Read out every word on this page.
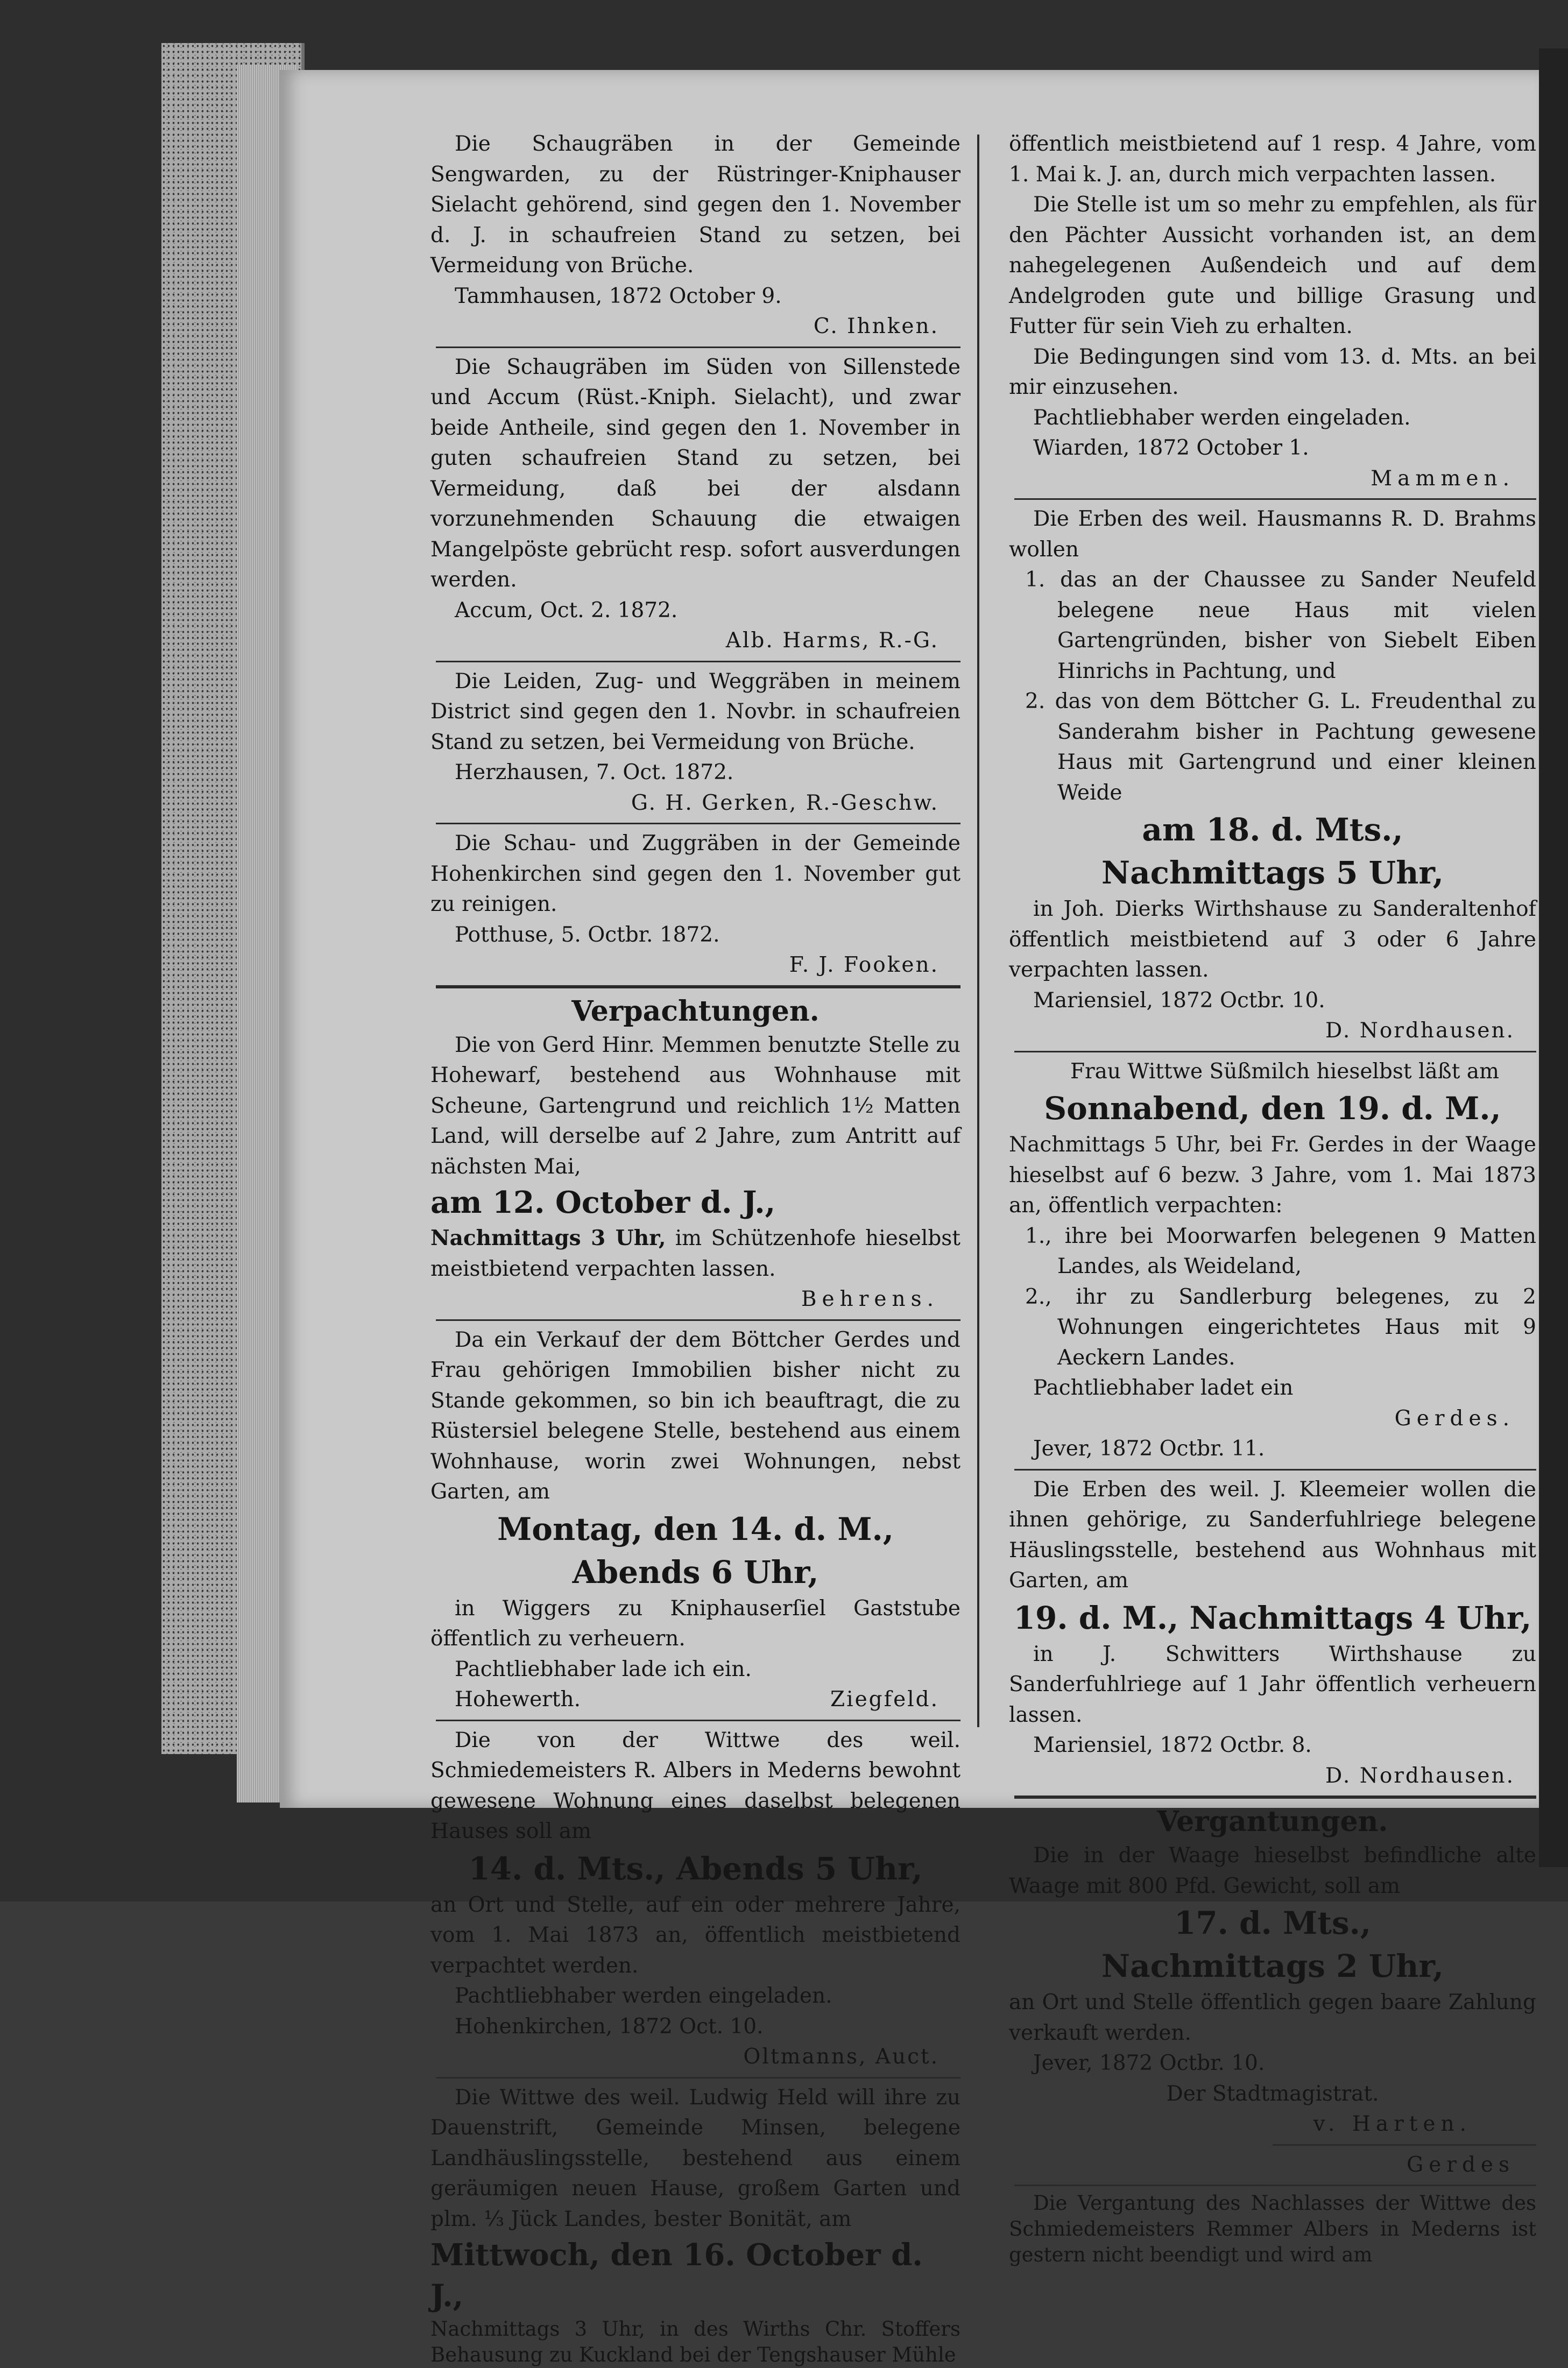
Die Schaugräben in der Gemeinde Sengwarden, zu der Rüstringer-Kniphauser Sielacht gehörend, sind gegen den 1. November d. J. in schaufreien Stand zu setzen, bei Vermeidung von Brüche.
Tammhausen, 1872 October 9.
C. Ihnken.
Die Schaugräben im Süden von Sillenstede und Accum (Rüst.-Kniph. Sielacht), und zwar beide Antheile, sind gegen den 1. November in guten schaufreien Stand zu setzen, bei Vermeidung, daß bei der alsdann vorzunehmenden Schauung die etwaigen Mangelpöste gebrücht resp. sofort ausverdungen werden.
Accum, Oct. 2. 1872.
Alb. Harms, R.-G.
Die Leiden, Zug- und Weggräben in meinem District sind gegen den 1. Novbr. in schaufreien Stand zu setzen, bei Vermeidung von Brüche.
Herzhausen, 7. Oct. 1872.
G. H. Gerken, R.-Geschw.
Die Schau- und Zuggräben in der Gemeinde Hohenkirchen sind gegen den 1. November gut zu reinigen.
Potthuse, 5. Octbr. 1872.
F. J. Fooken.
Verpachtungen.
Die von Gerd Hinr. Memmen benutzte Stelle zu Hohewarf, bestehend aus Wohnhause mit Scheune, Gartengrund und reichlich 1½ Matten Land, will derselbe auf 2 Jahre, zum Antritt auf nächsten Mai,
am 12. October d. J.,
Nachmittags 3 Uhr, im Schützenhofe hieselbst meistbietend verpachten lassen.
Behrens.
Da ein Verkauf der dem Böttcher Gerdes und Frau gehörigen Immobilien bisher nicht zu Stande gekommen, so bin ich beauftragt, die zu Rüstersiel belegene Stelle, bestehend aus einem Wohnhause, worin zwei Wohnungen, nebst Garten, am
Montag, den 14. d. M.,
Abends 6 Uhr,
in Wiggers zu Kniphauserſiel Gaststube öffentlich zu verheuern.
Pachtliebhaber lade ich ein.
Hohewerth.	Ziegfeld.
Die von der Wittwe des weil. Schmiedemeisters R. Albers in Mederns bewohnt gewesene Wohnung eines daselbst belegenen Hauses soll am
14. d. Mts., Abends 5 Uhr,
an Ort und Stelle, auf ein oder mehrere Jahre, vom 1. Mai 1873 an, öffentlich meistbietend verpachtet werden.
Pachtliebhaber werden eingeladen.
Hohenkirchen, 1872 Oct. 10.
Oltmanns, Auct.
Die Wittwe des weil. Ludwig Held will ihre zu Dauenstrift, Gemeinde Minsen, belegene Landhäuslingsstelle, bestehend aus einem geräumigen neuen Hause, großem Garten und plm. ⅓ Jück Landes, bester Bonität, am
Mittwoch, den 16. October d. J.,
Nachmittags 3 Uhr, in des Wirths Chr. Stoffers Behausung zu Kuckland bei der Tengshauser Mühle
öffentlich meistbietend auf 1 resp. 4 Jahre, vom 1. Mai k. J. an, durch mich verpachten lassen.
Die Stelle ist um so mehr zu empfehlen, als für den Pächter Aussicht vorhanden ist, an dem nahegelegenen Außendeich und auf dem Andelgroden gute und billige Grasung und Futter für sein Vieh zu erhalten.
Die Bedingungen sind vom 13. d. Mts. an bei mir einzusehen.
Pachtliebhaber werden eingeladen.
Wiarden, 1872 October 1.
Mammen.
Die Erben des weil. Hausmanns R. D. Brahms wollen
1. das an der Chaussee zu Sander Neufeld belegene neue Haus mit vielen Gartengründen, bisher von Siebelt Eiben Hinrichs in Pachtung, und
2. das von dem Böttcher G. L. Freudenthal zu Sanderahm bisher in Pachtung gewesene Haus mit Gartengrund und einer kleinen Weide
am 18. d. Mts.,
Nachmittags 5 Uhr,
in Joh. Dierks Wirthshause zu Sanderaltenhof öffentlich meistbietend auf 3 oder 6 Jahre verpachten lassen.
Mariensiel, 1872 Octbr. 10.
D. Nordhausen.
Frau Wittwe Süßmilch hieselbst läßt am
Sonnabend, den 19. d. M.,
Nachmittags 5 Uhr, bei Fr. Gerdes in der Waage hieselbst auf 6 bezw. 3 Jahre, vom 1. Mai 1873 an, öffentlich verpachten:
1., ihre bei Moorwarfen belegenen 9 Matten Landes, als Weideland,
2., ihr zu Sandlerburg belegenes, zu 2 Wohnungen eingerichtetes Haus mit 9 Aeckern Landes.
Pachtliebhaber ladet ein
Gerdes.
Jever, 1872 Octbr. 11.
Die Erben des weil. J. Kleemeier wollen die ihnen gehörige, zu Sanderfuhlriege belegene Häuslingsstelle, bestehend aus Wohnhaus mit Garten, am
19. d. M., Nachmittags 4 Uhr,
in J. Schwitters Wirthshause zu Sanderfuhlriege auf 1 Jahr öffentlich verheuern lassen.
Mariensiel, 1872 Octbr. 8.
D. Nordhausen.
Vergantungen.
Die in der Waage hieselbst befindliche alte Waage mit 800 Pfd. Gewicht, soll am
17. d. Mts.,
Nachmittags 2 Uhr,
an Ort und Stelle öffentlich gegen baare Zahlung verkauft werden.
Jever, 1872 Octbr. 10.
Der Stadtmagistrat.
v. Harten.
Gerdes
Die Vergantung des Nachlasses der Wittwe des Schmiedemeisters Remmer Albers in Mederns ist gestern nicht beendigt und wird am
